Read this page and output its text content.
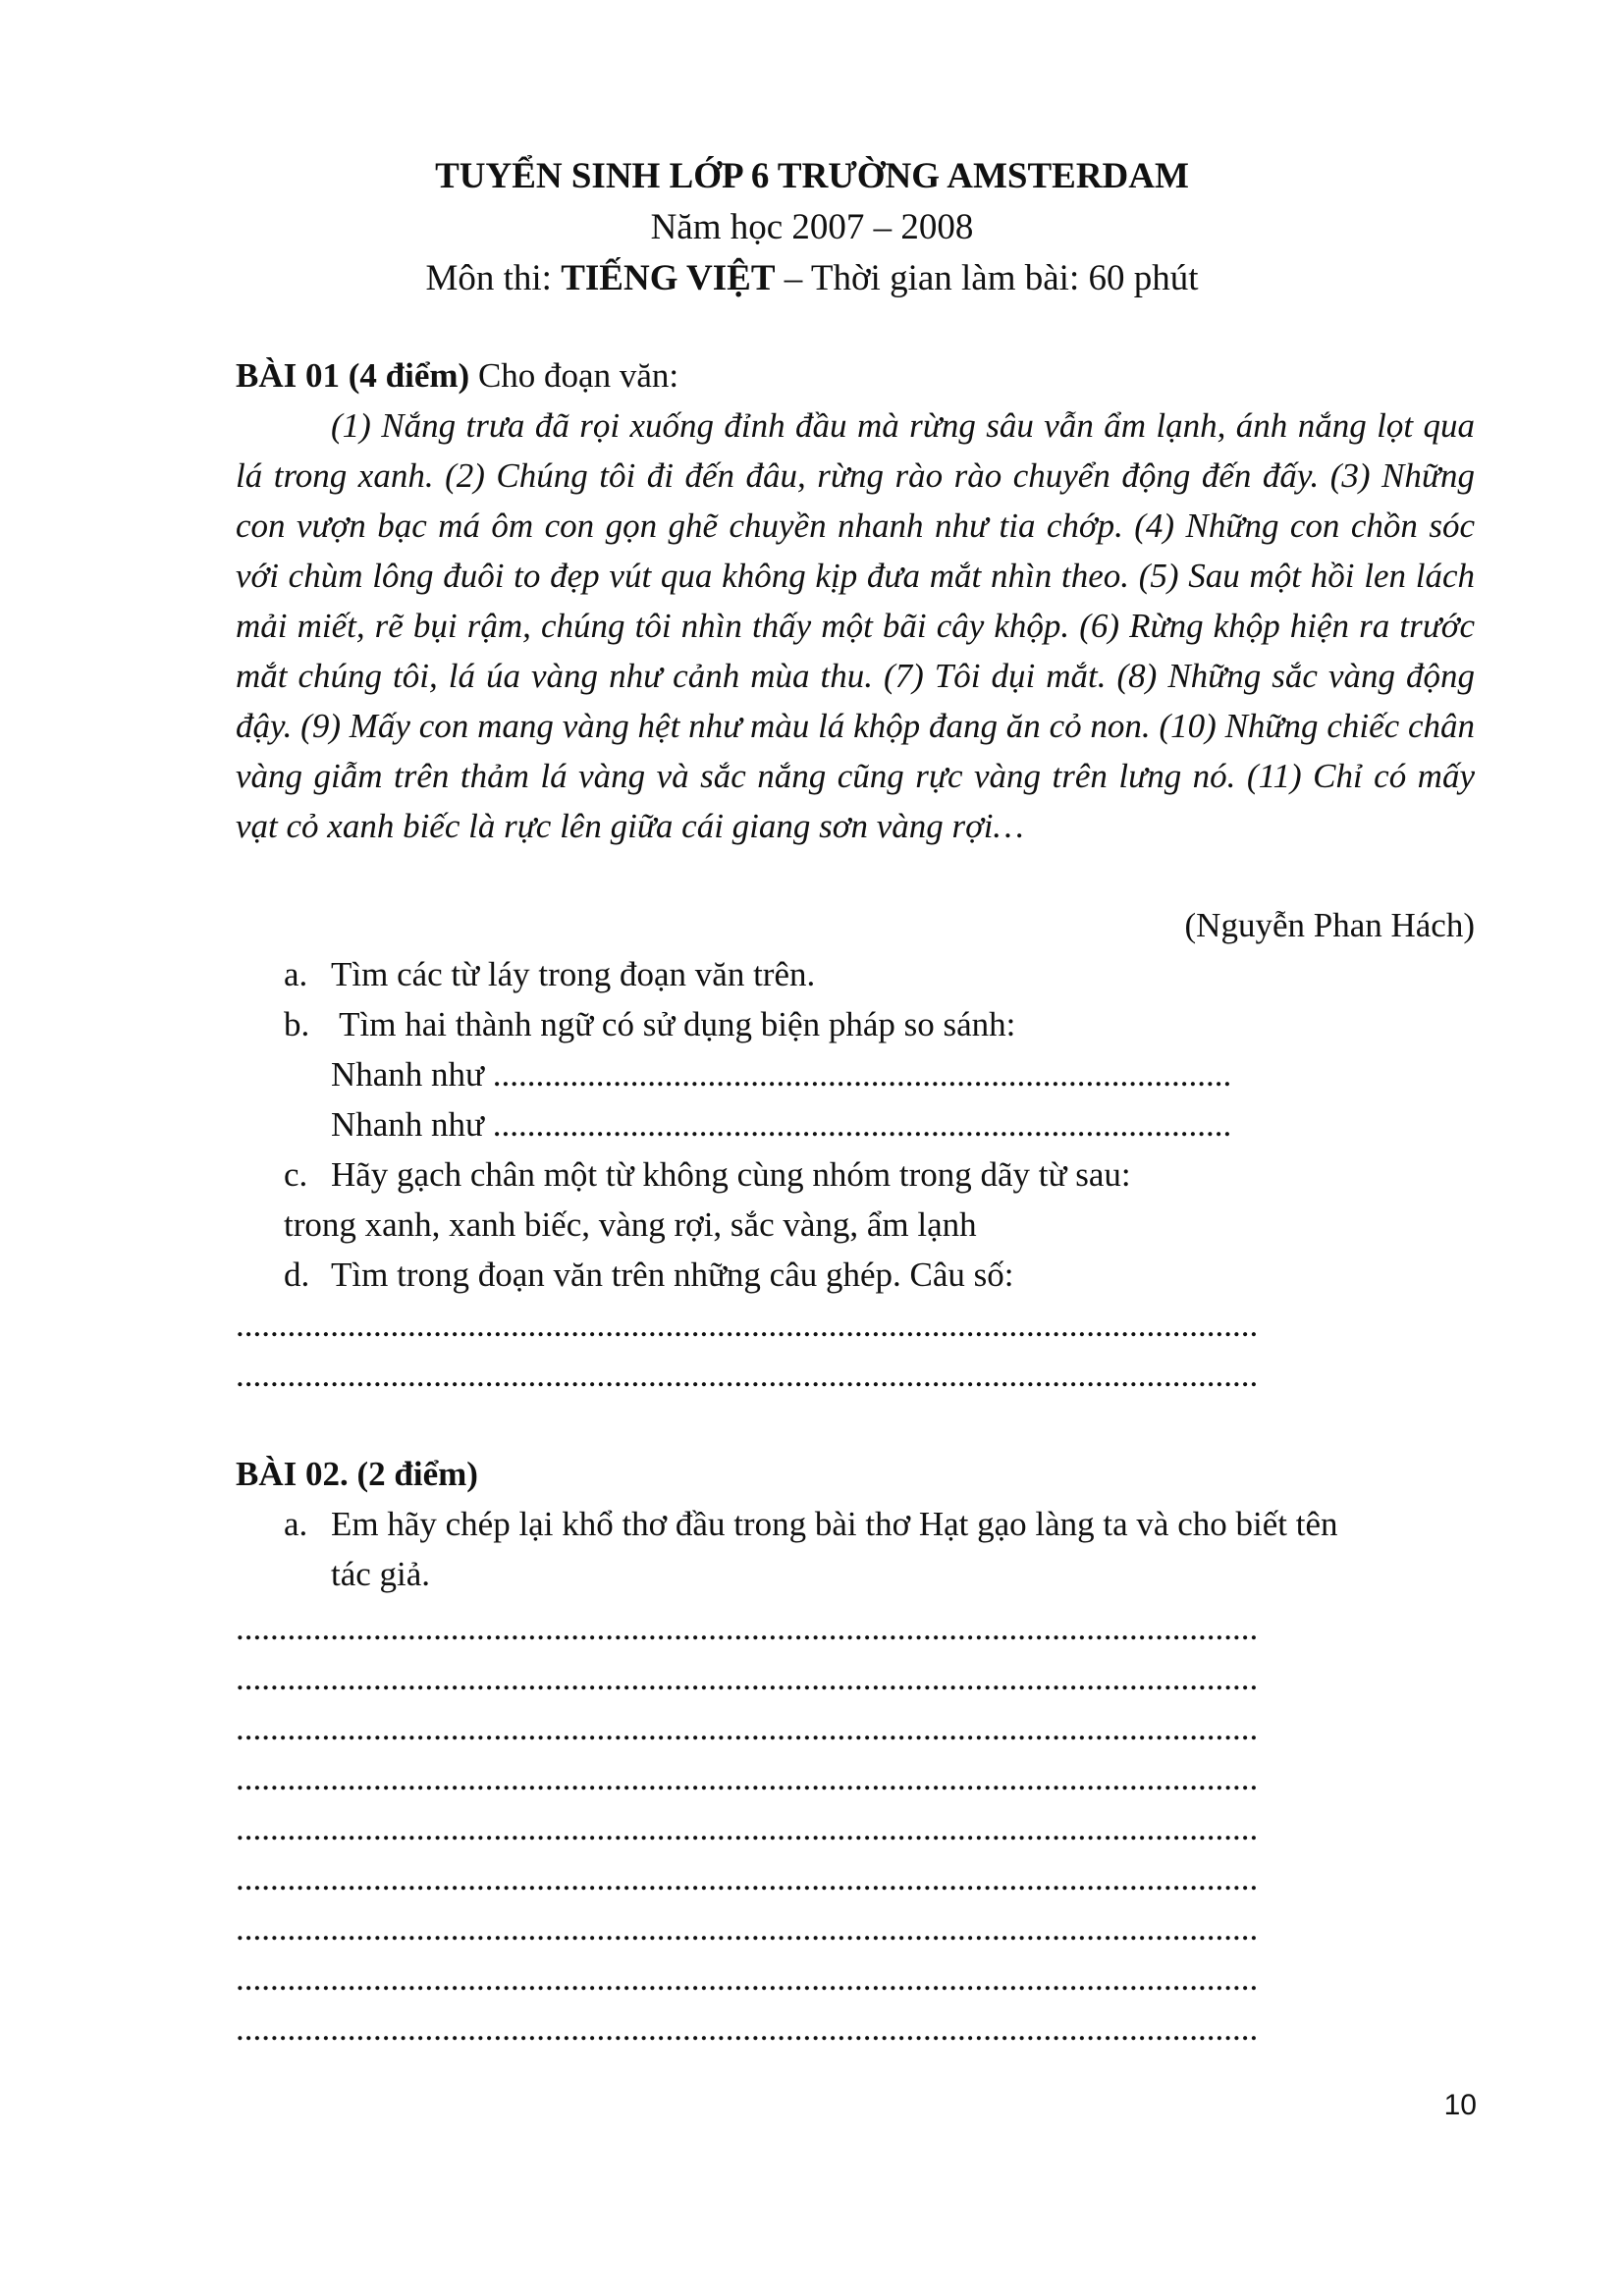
TUYỂN SINH LỚP 6 TRƯỜNG AMSTERDAM
Năm học 2007 – 2008
Môn thi: TIẾNG VIỆT – Thời gian làm bài: 60 phút
BÀI 01 (4 điểm) Cho đoạn văn:

(1) Nắng trưa đã rọi xuống đỉnh đầu mà rừng sâu vẫn ẩm lạnh, ánh nắng lọt qua lá trong xanh. (2) Chúng tôi đi đến đâu, rừng rào rào chuyển động đến đấy. (3) Những con vượn bạc má ôm con gọn ghẽ chuyền nhanh như tia chớp. (4) Những con chồn sóc với chùm lông đuôi to đẹp vút qua không kịp đưa mắt nhìn theo. (5) Sau một hồi len lách mải miết, rẽ bụi rậm, chúng tôi nhìn thấy một bãi cây khộp. (6) Rừng khộp hiện ra trước mắt chúng tôi, lá úa vàng như cảnh mùa thu. (7) Tôi dụi mắt. (8) Những sắc vàng động đậy. (9) Mấy con mang vàng hệt như màu lá khộp đang ăn cỏ non. (10) Những chiếc chân vàng giẫm trên thảm lá vàng và sắc nắng cũng rực vàng trên lưng nó. (11) Chỉ có mấy vạt cỏ xanh biếc là rực lên giữa cái giang sơn vàng rợi…

(Nguyễn Phan Hách)
a. Tìm các từ láy trong đoạn văn trên.
b. Tìm hai thành ngữ có sử dụng biện pháp so sánh:
Nhanh như ......................................................................................
Nhanh như ......................................................................................
c. Hãy gạch chân một từ không cùng nhóm trong dãy từ sau:
trong xanh, xanh biếc, vàng rợi, sắc vàng, ẩm lạnh
d. Tìm trong đoạn văn trên những câu ghép. Câu số:
.......................................................................................................................
.......................................................................................................................
BÀI 02. (2 điểm)
a. Em hãy chép lại khổ thơ đầu trong bài thơ Hạt gạo làng ta và cho biết tên
tác giả.
.......................................................................................................................
.......................................................................................................................
.......................................................................................................................
.......................................................................................................................
.......................................................................................................................
.......................................................................................................................
.......................................................................................................................
.......................................................................................................................
.......................................................................................................................
10
